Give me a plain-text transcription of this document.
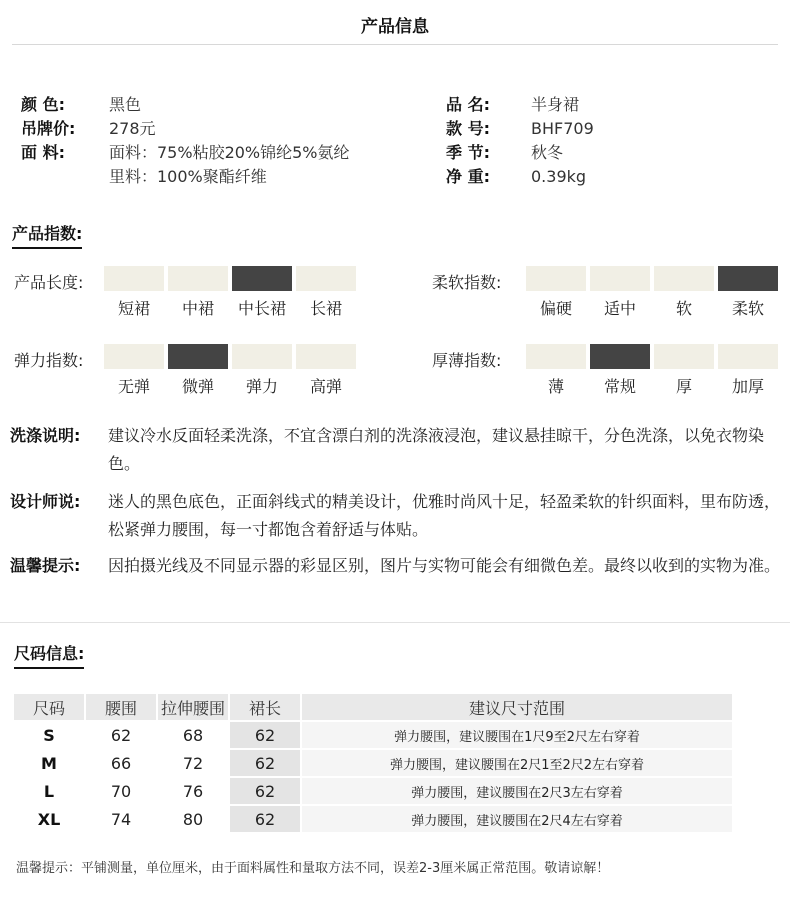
产品信息
颜 色:	黑色
吊牌价:	278元
面 料:	面料：75%粘胶20%锦纶5%氨纶
里料：100%聚酯纤维
品 名:	半身裙
款 号:	BHF709
季 节:	秋冬
净 重:	0.39kg
产品指数:
产品长度:
短裙	中裙	中长裙	长裙
柔软指数:
偏硬	适中	软	柔软
弹力指数:
无弹	微弹	弹力	高弹
厚薄指数:
薄	常规	厚	加厚
洗涤说明: 建议冷水反面轻柔洗涤，不宜含漂白剂的洗涤液浸泡，建议悬挂晾干，分色洗涤，以免衣物染色。
设计师说: 迷人的黑色底色，正面斜线式的精美设计，优雅时尚风十足，轻盈柔软的针织面料，里布防透，松紧弹力腰围，每一寸都饱含着舒适与体贴。
温馨提示: 因拍摄光线及不同显示器的彩显区别，图片与实物可能会有细微色差。最终以收到的实物为准。
尺码信息:
尺码	腰围	拉伸腰围	裙长	建议尺寸范围
S	62	68	62	弹力腰围，建议腰围在1尺9至2尺左右穿着
M	66	72	62	弹力腰围，建议腰围在2尺1至2尺2左右穿着
L	70	76	62	弹力腰围，建议腰围在2尺3左右穿着
XL	74	80	62	弹力腰围，建议腰围在2尺4左右穿着
温馨提示：平铺测量，单位厘米，由于面料属性和量取方法不同，误差2-3厘米属正常范围。敬请谅解！
